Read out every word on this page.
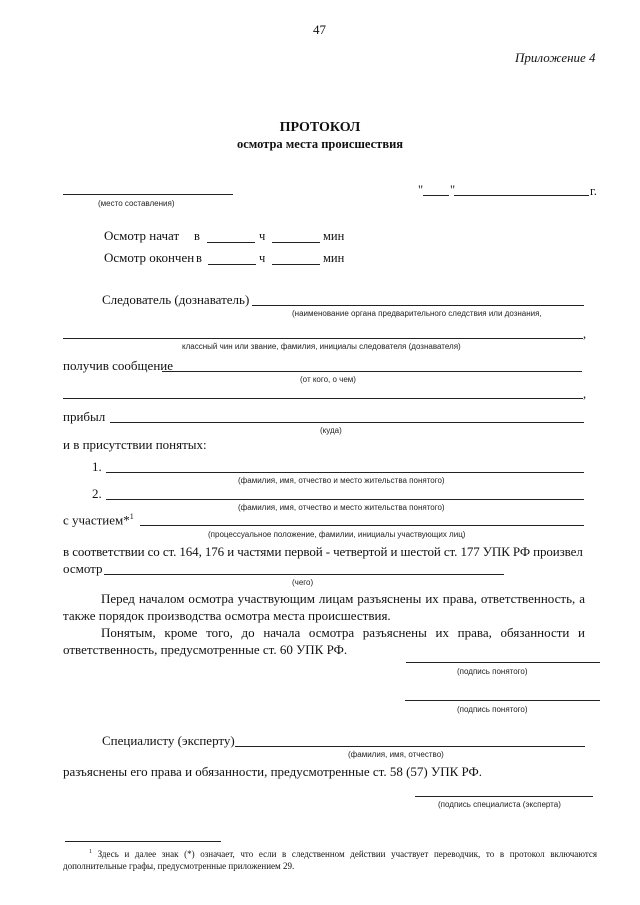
47
Приложение 4
ПРОТОКОЛ
осмотра места происшествия
(место составления)
" "	г.
Осмотр начат в	ч	мин
Осмотр окончен в	ч	мин
Следователь (дознаватель)
(наименование органа предварительного следствия или дознания,
,
классный чин или звание, фамилия, инициалы следователя (дознавателя)
получив сообщение
(от кого, о чем)
,
прибыл
(куда)
и в присутствии понятых:
1.
(фамилия, имя, отчество и место жительства понятого)
2.
(фамилия, имя, отчество и место жительства понятого)
с участием*$^1$
(процессуальное положение, фамилии, инициалы участвующих лиц)
в соответствии со ст. 164, 176 и частями первой - четвертой и шестой ст. 177 УПК РФ произвел
осмотр
(чего)
Перед началом осмотра участвующим лицам разъяснены их права, ответственность, а также порядок производства осмотра места происшествия.
Понятым, кроме того, до начала осмотра разъяснены их права, обязанности и ответственность, предусмотренные ст. 60 УПК РФ.
(подпись понятого)
(подпись понятого)
Специалисту (эксперту)
(фамилия, имя, отчество)
разъяснены его права и обязанности, предусмотренные ст. 58 (57) УПК РФ.
(подпись специалиста (эксперта)
$^1$ Здесь и далее знак (*) означает, что если в следственном действии участвует переводчик, то в протокол включаются дополнительные графы, предусмотренные приложением 29.
